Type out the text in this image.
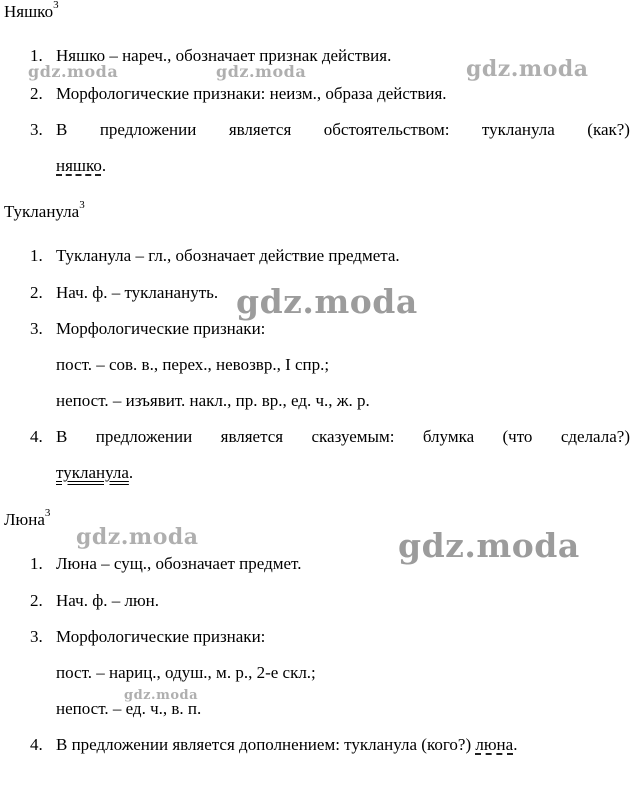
Няшко$^3$
1. Няшко – нареч., обозначает признак действия.
2. Морфологические признаки: неизм., образа действия.
3. В предложении является обстоятельством: тукланула (как?)
няшко.
Тукланула$^3$
1. Тукланула – гл., обозначает действие предмета.
2. Нач. ф. – тукланануть.
3. Морфологические признаки:
пост. – сов. в., перех., невозвр., I спр.;
непост. – изъявит. накл., пр. вр., ед. ч., ж. р.
4. В предложении является сказуемым: блумка (что сделала?)
тукланула.
Люна$^3$
1. Люна – сущ., обозначает предмет.
2. Нач. ф. – люн.
3. Морфологические признаки:
пост. – нариц., одуш., м. р., 2-е скл.;
непост. – ед. ч., в. п.
4. В предложении является дополнением: тукланула (кого?) люна.
gdz.moda	gdz.moda	gdz.moda
gdz.moda
gdz.moda	gdz.moda
gdz.moda
